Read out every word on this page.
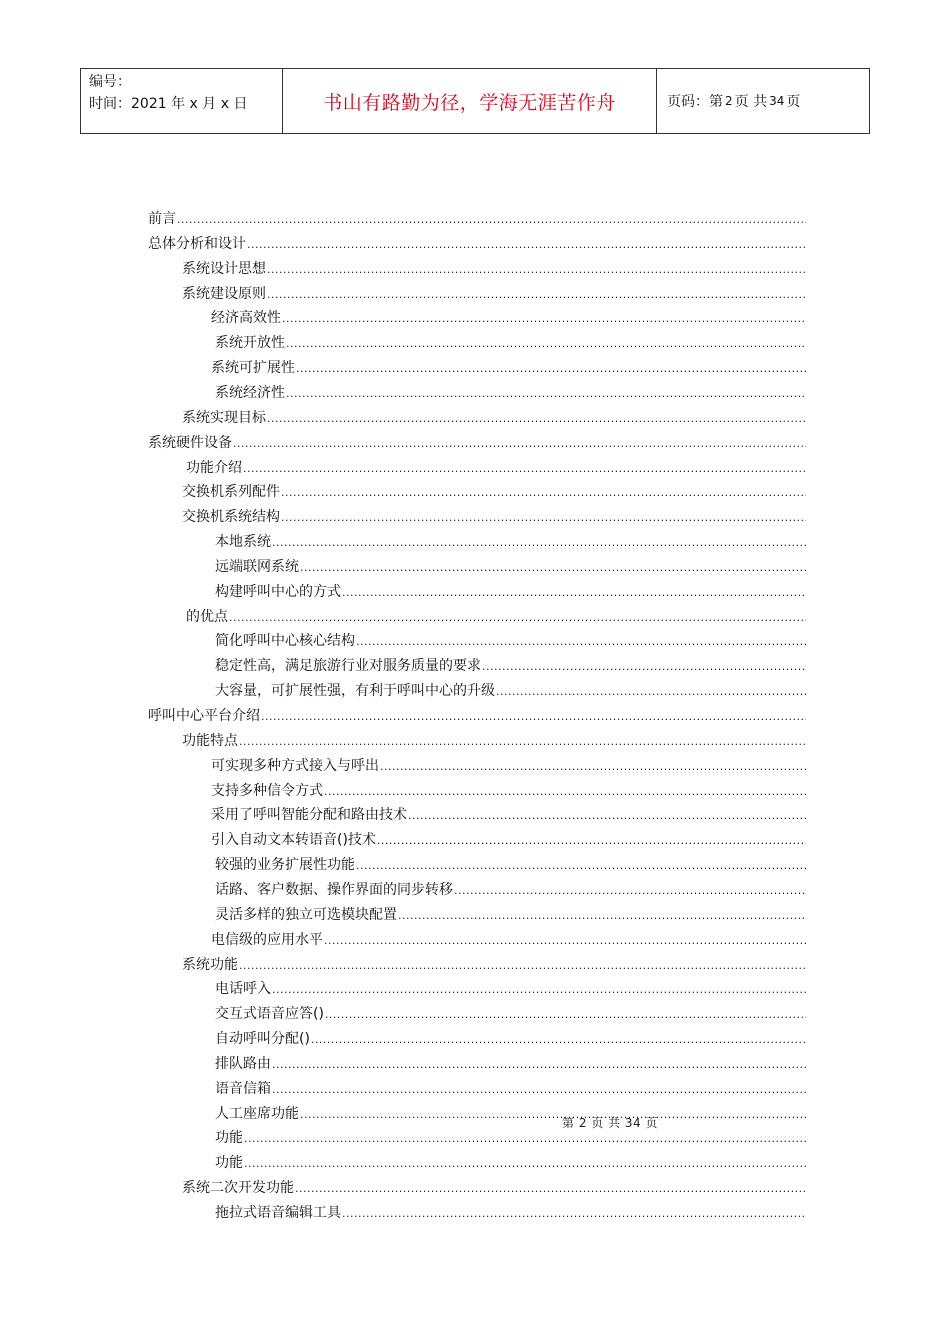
编号：
时间：2021 年 x 月 x 日	书山有路勤为径，学海无涯苦作舟	页码：第 2 页 共 34 页
前言
.....
总体分析和设计
.....
系统设计思想
.....
系统建设原则
.....
经济高效性
.....
系统开放性
.....
系统可扩展性
.....
系统经济性
.....
系统实现目标
.....
系统硬件设备
.....
功能介绍
.....
交换机系列配件
.....
交换机系统结构
.....
本地系统
.....
远端联网系统
.....
构建呼叫中心的方式
.....
的优点
.....
简化呼叫中心核心结构
.....
稳定性高，满足旅游行业对服务质量的要求
.....
大容量，可扩展性强，有利于呼叫中心的升级
.....
呼叫中心平台介绍
.....
功能特点
.....
可实现多种方式接入与呼出
.....
支持多种信令方式
.....
采用了呼叫智能分配和路由技术
.....
引入自动文本转语音()技术
.....
较强的业务扩展性功能
.....
话路、客户数据、操作界面的同步转移
.....
灵活多样的独立可选模块配置
.....
电信级的应用水平
.....
系统功能
.....
电话呼入
.....
交互式语音应答()
.....
自动呼叫分配()
.....
排队路由
.....
语音信箱
.....
人工座席功能
.....
功能
.....
功能
.....
系统二次开发功能
.....
拖拉式语音编辑工具
.....
第 2 页 共 34 页
